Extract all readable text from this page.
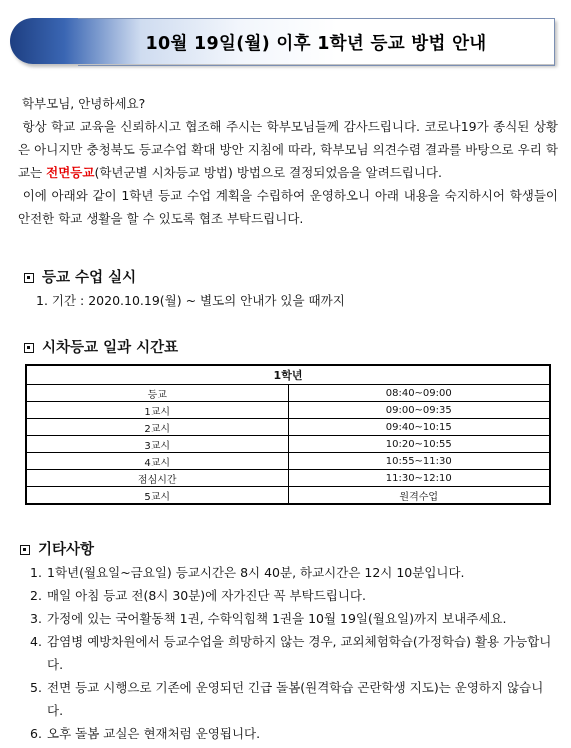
10월 19일(월) 이후 1학년 등교 방법 안내

학부모님, 안녕하세요?

항상 학교 교육을 신뢰하시고 협조해 주시는 학부모님들께 감사드립니다. 코로나19가 종식된 상황은 아니지만 충청북도 등교수업 확대 방안 지침에 따라, 학부모님 의견수렴 결과를 바탕으로 우리 학교는 전면등교(학년군별 시차등교 방법) 방법으로 결정되었음을 알려드립니다.

이에 아래와 같이 1학년 등교 수업 계획을 수립하여 운영하오니 아래 내용을 숙지하시어 학생들이 안전한 학교 생활을 할 수 있도록 협조 부탁드립니다.

등교 수업 실시
1. 기간 : 2020.10.19(월) ~ 별도의 안내가 있을 때까지
시차등교 일과 시간표
1학년	
등교	08:40~09:00
1교시	09:00~09:35
2교시	09:40~10:15
3교시	10:20~10:55
4교시	10:55~11:30
점심시간	11:30~12:10
5교시	원격수업
기타사항
1. 1학년(월요일~금요일) 등교시간은 8시 40분, 하교시간은 12시 10분입니다.
2. 매일 아침 등교 전(8시 30분)에 자가진단 꼭 부탁드립니다.
3. 가정에 있는 국어활동책 1권, 수학익힘책 1권을 10월 19일(월요일)까지 보내주세요.
4. 감염병 예방차원에서 등교수업을 희망하지 않는 경우, 교외체험학습(가정학습) 활용 가능합니다.
5. 전면 등교 시행으로 기존에 운영되던 긴급 돌봄(원격학습 곤란학생 지도)는 운영하지 않습니다.
6. 오후 돌봄 교실은 현재처럼 운영됩니다.
